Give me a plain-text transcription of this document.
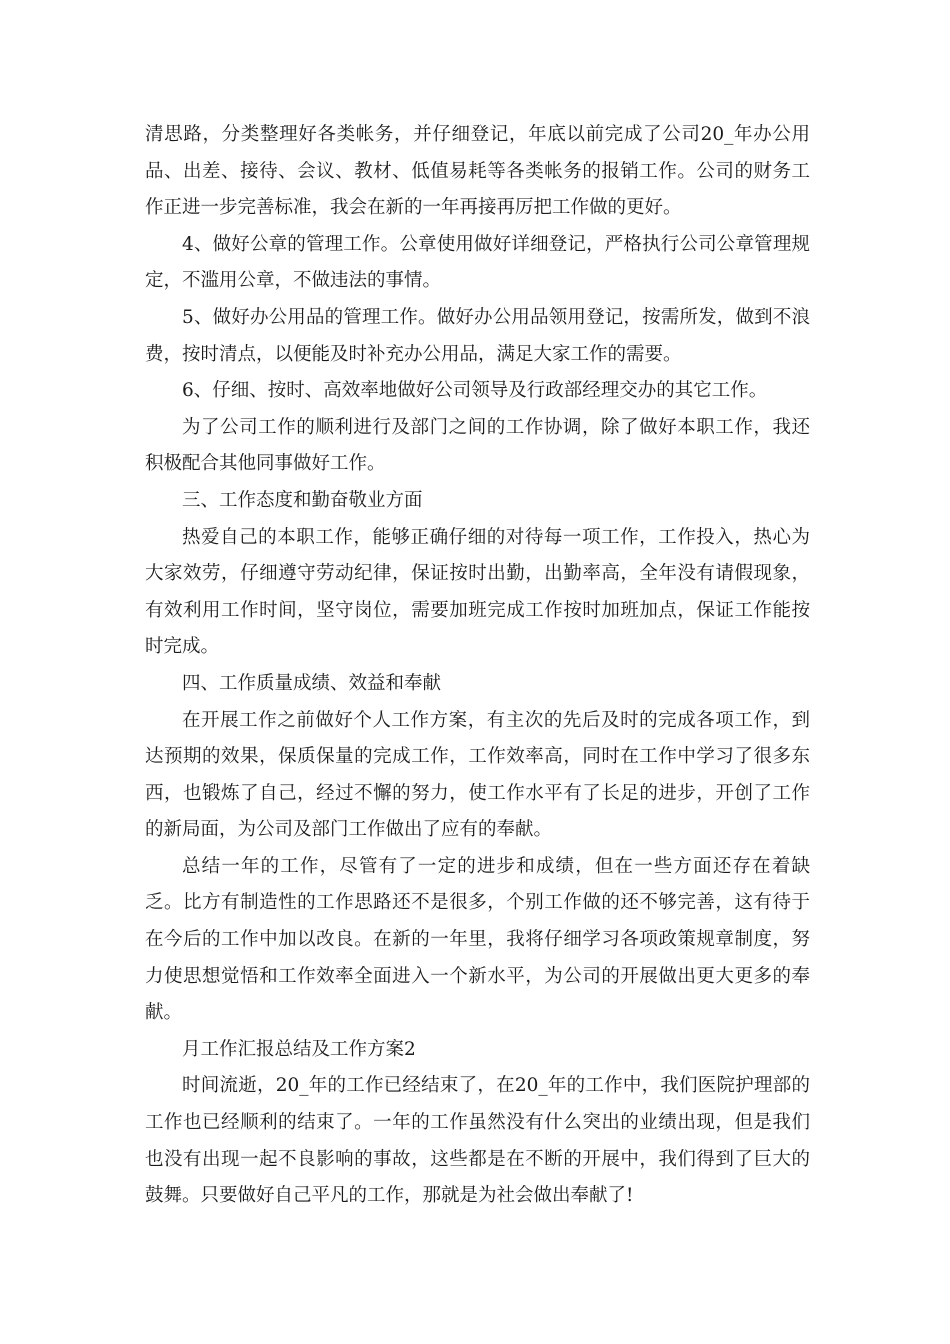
清思路，分类整理好各类帐务，并仔细登记，年底以前完成了公司20_年办公用品、出差、接待、会议、教材、低值易耗等各类帐务的报销工作。公司的财务工作正进一步完善标准，我会在新的一年再接再厉把工作做的更好。

4、做好公章的管理工作。公章使用做好详细登记，严格执行公司公章管理规定，不滥用公章，不做违法的事情。

5、做好办公用品的管理工作。做好办公用品领用登记，按需所发，做到不浪费，按时清点，以便能及时补充办公用品，满足大家工作的需要。

6、仔细、按时、高效率地做好公司领导及行政部经理交办的其它工作。

为了公司工作的顺利进行及部门之间的工作协调，除了做好本职工作，我还积极配合其他同事做好工作。

三、工作态度和勤奋敬业方面

热爱自己的本职工作，能够正确仔细的对待每一项工作，工作投入，热心为大家效劳，仔细遵守劳动纪律，保证按时出勤，出勤率高，全年没有请假现象，有效利用工作时间，坚守岗位，需要加班完成工作按时加班加点，保证工作能按时完成。

四、工作质量成绩、效益和奉献

在开展工作之前做好个人工作方案，有主次的先后及时的完成各项工作，到达预期的效果，保质保量的完成工作，工作效率高，同时在工作中学习了很多东西，也锻炼了自己，经过不懈的努力，使工作水平有了长足的进步，开创了工作的新局面，为公司及部门工作做出了应有的奉献。

总结一年的工作，尽管有了一定的进步和成绩，但在一些方面还存在着缺乏。比方有制造性的工作思路还不是很多，个别工作做的还不够完善，这有待于在今后的工作中加以改良。在新的一年里，我将仔细学习各项政策规章制度，努力使思想觉悟和工作效率全面进入一个新水平，为公司的开展做出更大更多的奉献。

月工作汇报总结及工作方案2

时间流逝，20_年的工作已经结束了，在20_年的工作中，我们医院护理部的工作也已经顺利的结束了。一年的工作虽然没有什么突出的业绩出现，但是我们也没有出现一起不良影响的事故，这些都是在不断的开展中，我们得到了巨大的鼓舞。只要做好自己平凡的工作，那就是为社会做出奉献了!
